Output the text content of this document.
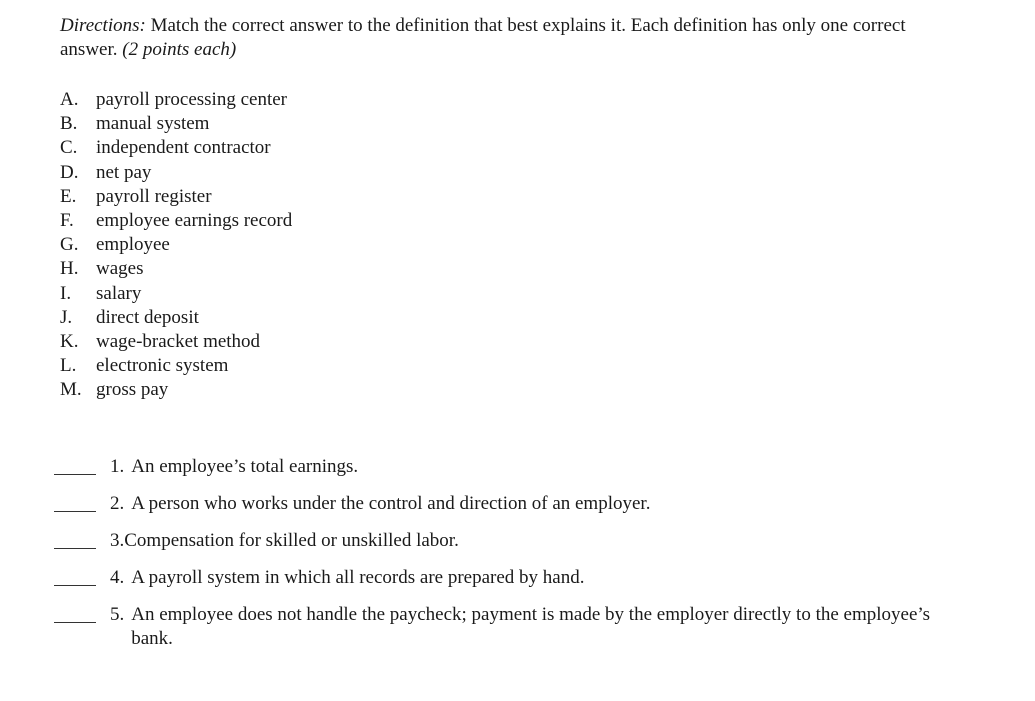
Directions: Match the correct answer to the definition that best explains it. Each definition has only one correct answer. (2 points each)
A. payroll processing center
B. manual system
C. independent contractor
D. net pay
E.	payroll register
F.	employee earnings record
G. employee
H. wages
I.	salary
J.	direct deposit
K. wage-bracket method
L.	electronic system
M. gross pay
1. An employee’s total earnings.
2. A person who works under the control and direction of an employer.
3. Compensation for skilled or unskilled labor.
4. A payroll system in which all records are prepared by hand.
5. An employee does not handle the paycheck; payment is made by the employer directly to the employee’s bank.
